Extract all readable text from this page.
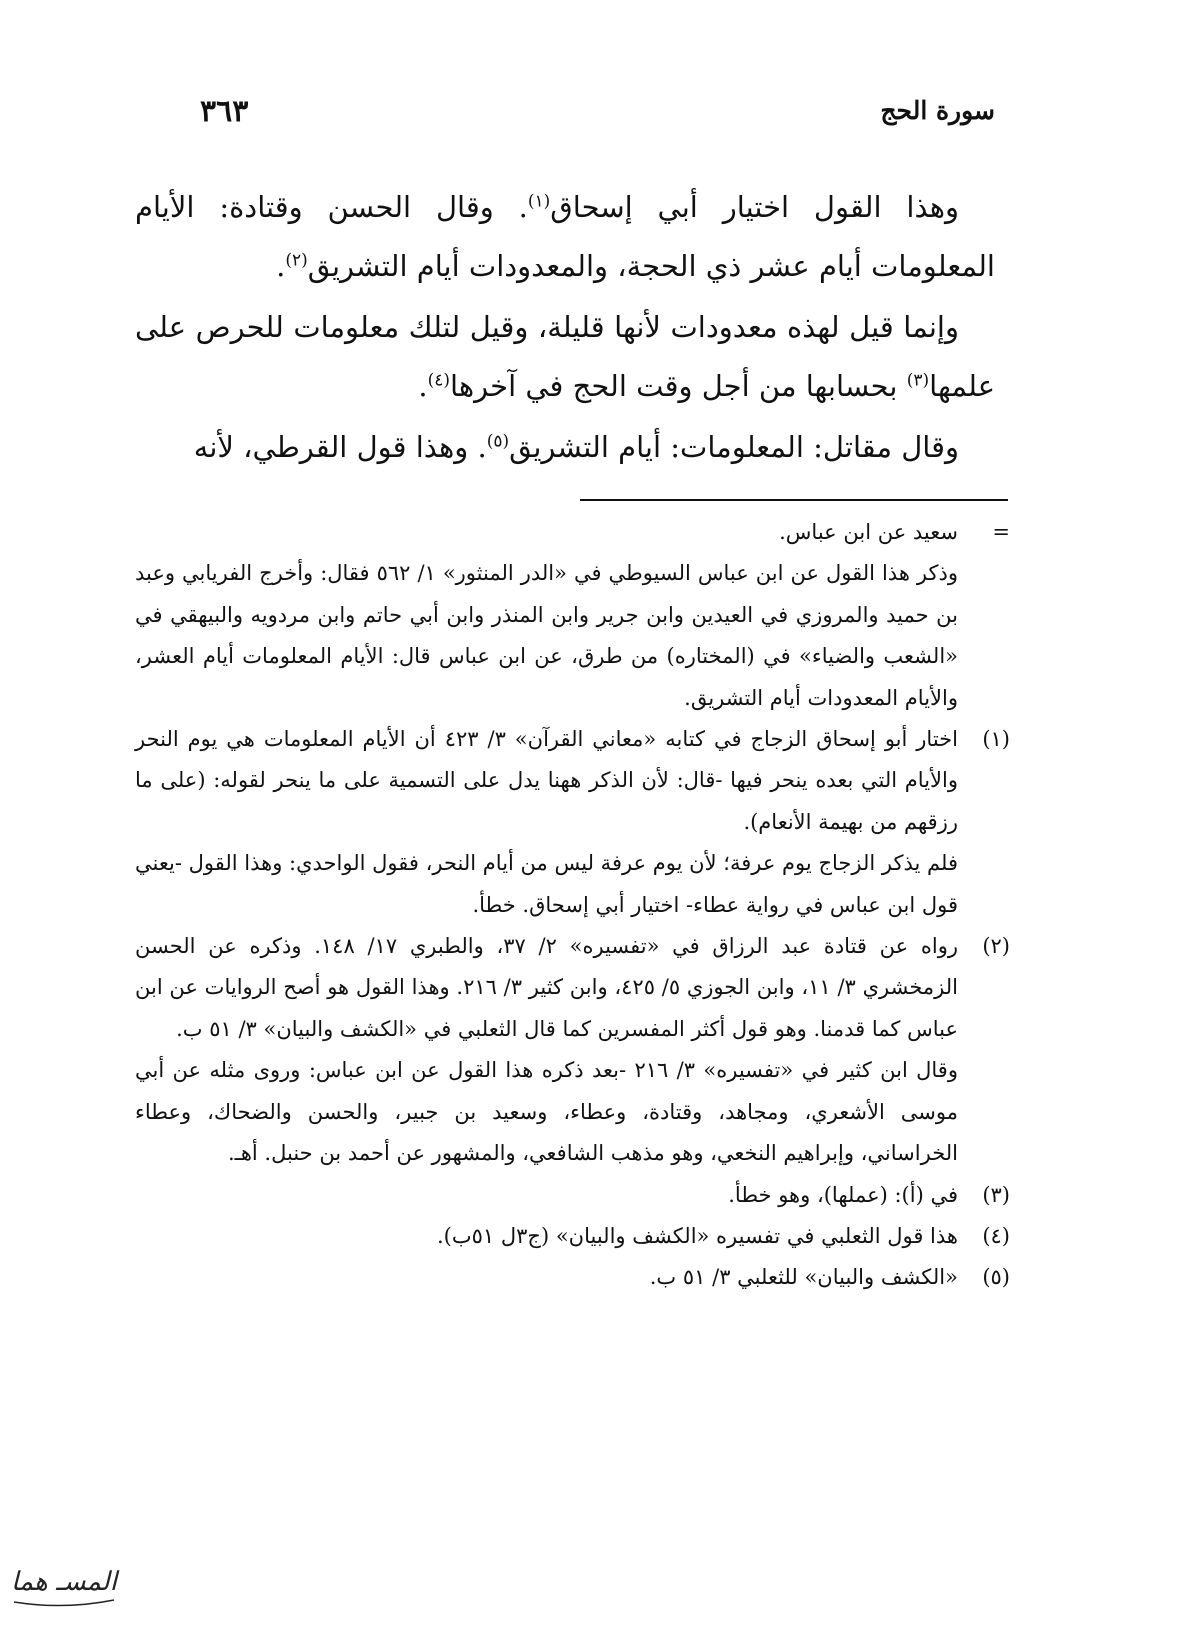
سورة الحج
٣٦٣

وهذا القول اختيار أبي إسحاق$^{(١)}$. وقال الحسن وقتادة: الأيام المعلومات أيام عشر ذي الحجة، والمعدودات أيام التشريق$^{(٢)}$.

وإنما قيل لهذه معدودات لأنها قليلة، وقيل لتلك معلومات للحرص على علمها$^{(٣)}$ بحسابها من أجل وقت الحج في آخرها$^{(٤)}$.

وقال مقاتل: المعلومات: أيام التشريق$^{(٥)}$. وهذا قول القرطي، لأنه

=

سعيد عن ابن عباس.

وذكر هذا القول عن ابن عباس السيوطي في «الدر المنثور» ١/ ٥٦٢ فقال: وأخرج الفريابي وعبد بن حميد والمروزي في العيدين وابن جرير وابن المنذر وابن أبي حاتم وابن مردويه والبيهقي في «الشعب والضياء» في (المختاره) من طرق، عن ابن عباس قال: الأيام المعلومات أيام العشر، والأيام المعدودات أيام التشريق.

(١)

اختار أبو إسحاق الزجاج في كتابه «معاني القرآن» ٣/ ٤٢٣ أن الأيام المعلومات هي يوم النحر والأيام التي بعده ينحر فيها -قال: لأن الذكر ههنا يدل على التسمية على ما ينحر لقوله: (على ما رزقهم من بهيمة الأنعام).

فلم يذكر الزجاج يوم عرفة؛ لأن يوم عرفة ليس من أيام النحر، فقول الواحدي: وهذا القول -يعني قول ابن عباس في رواية عطاء- اختيار أبي إسحاق. خطأ.

(٢)

رواه عن قتادة عبد الرزاق في «تفسيره» ٢/ ٣٧، والطبري ١٧/ ١٤٨. وذكره عن الحسن الزمخشري ٣/ ١١، وابن الجوزي ٥/ ٤٢٥، وابن كثير ٣/ ٢١٦. وهذا القول هو أصح الروايات عن ابن عباس كما قدمنا. وهو قول أكثر المفسرين كما قال الثعلبي في «الكشف والبيان» ٣/ ٥١ ب.

وقال ابن كثير في «تفسيره» ٣/ ٢١٦ -بعد ذكره هذا القول عن ابن عباس: وروى مثله عن أبي موسى الأشعري، ومجاهد، وقتادة، وعطاء، وسعيد بن جبير، والحسن والضحاك، وعطاء الخراساني، وإبراهيم النخعي، وهو مذهب الشافعي، والمشهور عن أحمد بن حنبل. أهـ.

(٣)

في (أ): (عملها)، وهو خطأ.

(٤)

هذا قول الثعلبي في تفسيره «الكشف والبيان» (ج٣ل ٥١ب).

(٥)

«الكشف والبيان» للثعلبي ٣/ ٥١ ب.

المسـ هما
